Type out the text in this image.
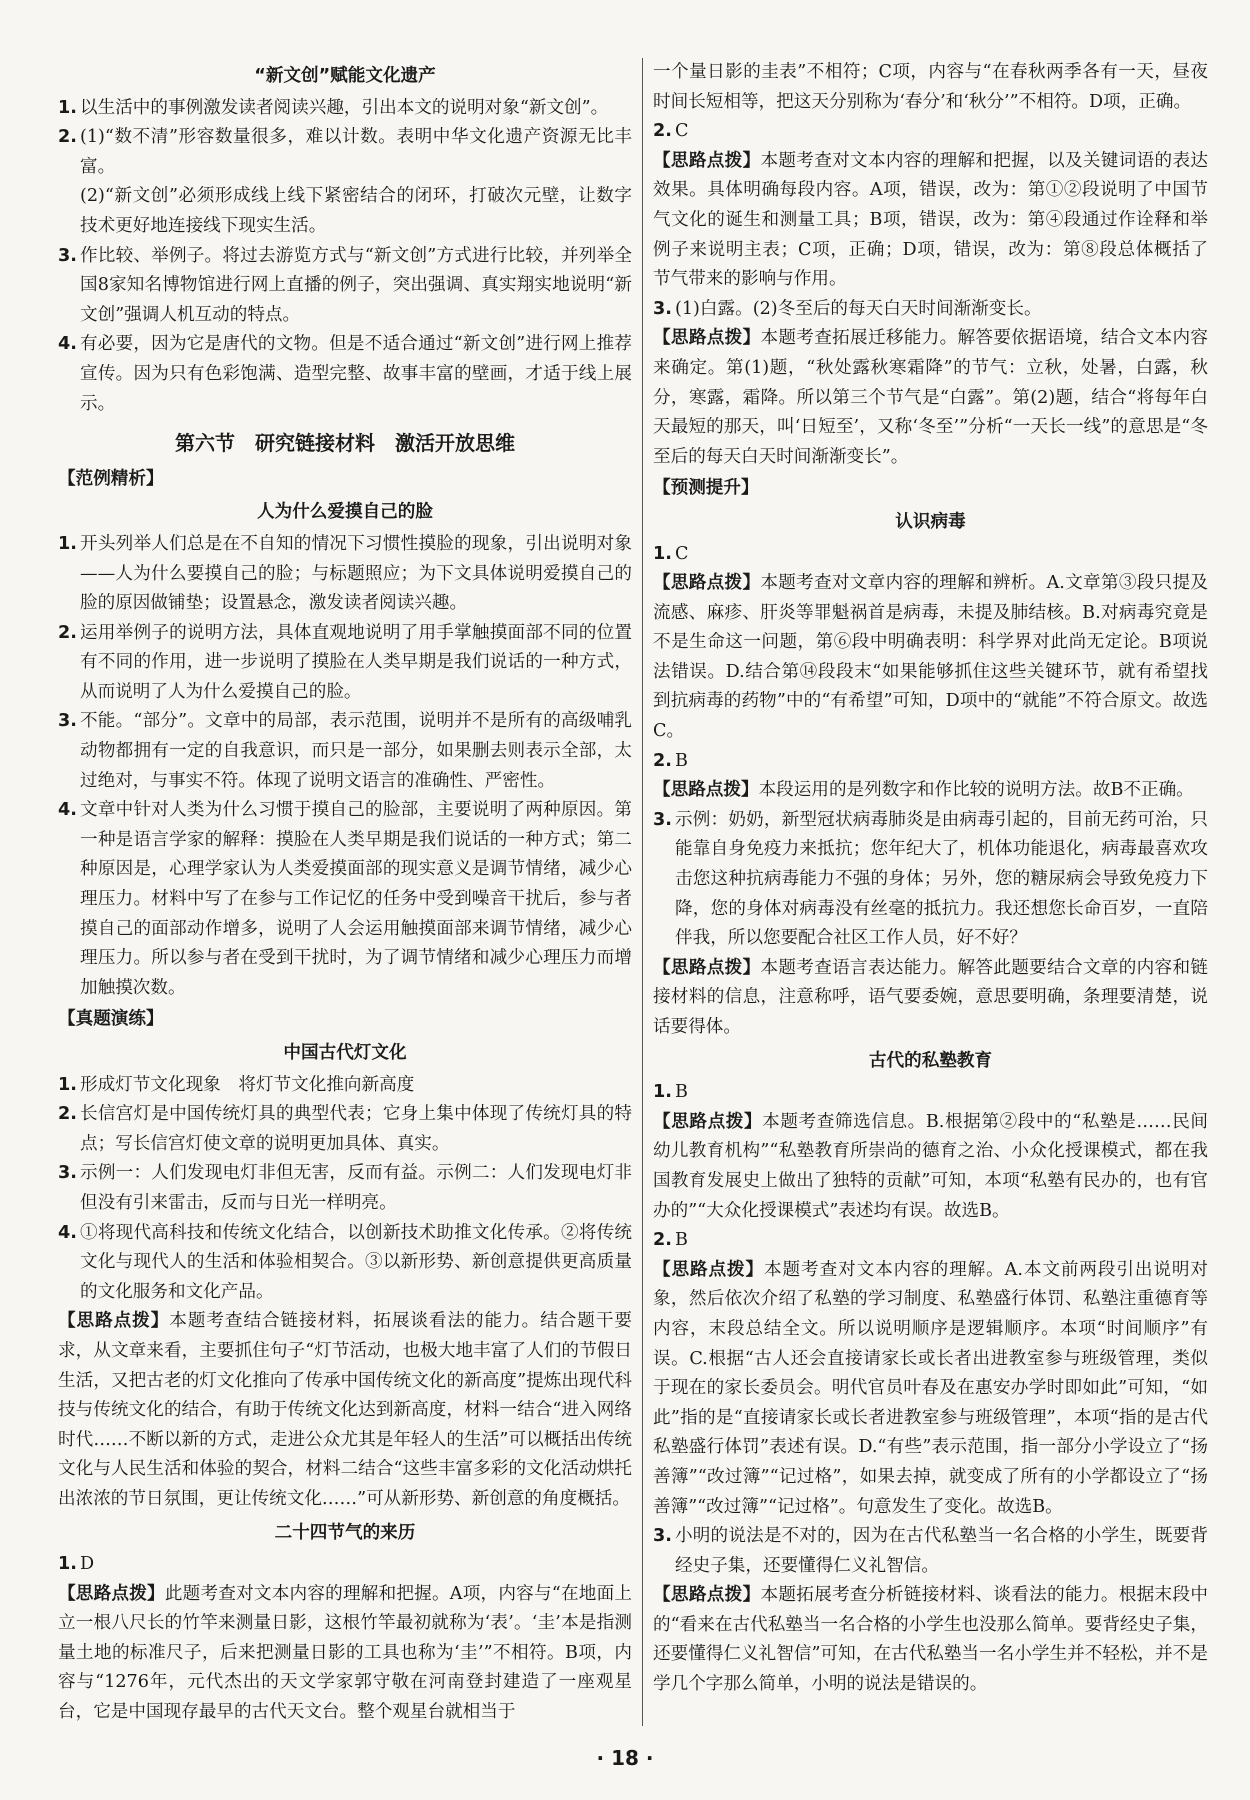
“新文创”赋能文化遗产
1. 以生活中的事例激发读者阅读兴趣，引出本文的说明对象“新文创”。
2. (1)“数不清”形容数量很多，难以计数。表明中华文化遗产资源无比丰富。
(2)“新文创”必须形成线上线下紧密结合的闭环，打破次元壁，让数字技术更好地连接线下现实生活。
3. 作比较、举例子。将过去游览方式与“新文创”方式进行比较，并列举全国8家知名博物馆进行网上直播的例子，突出强调、真实翔实地说明“新文创”强调人机互动的特点。
4. 有必要，因为它是唐代的文物。但是不适合通过“新文创”进行网上推荐宣传。因为只有色彩饱满、造型完整、故事丰富的壁画，才适于线上展示。
第六节　研究链接材料　激活开放思维
【范例精析】
人为什么爱摸自己的脸
1. 开头列举人们总是在不自知的情况下习惯性摸脸的现象，引出说明对象——人为什么要摸自己的脸；与标题照应；为下文具体说明爱摸自己的脸的原因做铺垫；设置悬念，激发读者阅读兴趣。
2. 运用举例子的说明方法，具体直观地说明了用手掌触摸面部不同的位置有不同的作用，进一步说明了摸脸在人类早期是我们说话的一种方式，从而说明了人为什么爱摸自己的脸。
3. 不能。“部分”。文章中的局部，表示范围，说明并不是所有的高级哺乳动物都拥有一定的自我意识，而只是一部分，如果删去则表示全部，太过绝对，与事实不符。体现了说明文语言的准确性、严密性。
4. 文章中针对人类为什么习惯于摸自己的脸部，主要说明了两种原因。第一种是语言学家的解释：摸脸在人类早期是我们说话的一种方式；第二种原因是，心理学家认为人类爱摸面部的现实意义是调节情绪，减少心理压力。材料中写了在参与工作记忆的任务中受到噪音干扰后，参与者摸自己的面部动作增多，说明了人会运用触摸面部来调节情绪，减少心理压力。所以参与者在受到干扰时，为了调节情绪和减少心理压力而增加触摸次数。
【真题演练】
中国古代灯文化
1. 形成灯节文化现象　将灯节文化推向新高度
2. 长信宫灯是中国传统灯具的典型代表；它身上集中体现了传统灯具的特点；写长信宫灯使文章的说明更加具体、真实。
3. 示例一：人们发现电灯非但无害，反而有益。示例二：人们发现电灯非但没有引来雷击，反而与日光一样明亮。
4. ①将现代高科技和传统文化结合，以创新技术助推文化传承。②将传统文化与现代人的生活和体验相契合。③以新形势、新创意提供更高质量的文化服务和文化产品。
【思路点拨】本题考查结合链接材料，拓展谈看法的能力。结合题干要求，从文章来看，主要抓住句子“灯节活动，也极大地丰富了人们的节假日生活，又把古老的灯文化推向了传承中国传统文化的新高度”提炼出现代科技与传统文化的结合，有助于传统文化达到新高度，材料一结合“进入网络时代……不断以新的方式，走进公众尤其是年轻人的生活”可以概括出传统文化与人民生活和体验的契合，材料二结合“这些丰富多彩的文化活动烘托出浓浓的节日氛围，更让传统文化……”可从新形势、新创意的角度概括。
二十四节气的来历
1. D
【思路点拨】此题考查对文本内容的理解和把握。A项，内容与“在地面上立一根八尺长的竹竿来测量日影，这根竹竿最初就称为‘表’。‘圭’本是指测量土地的标准尺子，后来把测量日影的工具也称为‘圭’”不相符。B项，内容与“1276年，元代杰出的天文学家郭守敬在河南登封建造了一座观星台，它是中国现存最早的古代天文台。整个观星台就相当于
一个量日影的圭表”不相符；C项，内容与“在春秋两季各有一天，昼夜时间长短相等，把这天分别称为‘春分’和‘秋分’”不相符。D项，正确。
2. C
【思路点拨】本题考查对文本内容的理解和把握，以及关键词语的表达效果。具体明确每段内容。A项，错误，改为：第①②段说明了中国节气文化的诞生和测量工具；B项，错误，改为：第④段通过作诠释和举例子来说明主表；C项，正确；D项，错误，改为：第⑧段总体概括了节气带来的影响与作用。
3. (1)白露。(2)冬至后的每天白天时间渐渐变长。
【思路点拨】本题考查拓展迁移能力。解答要依据语境，结合文本内容来确定。第(1)题，“秋处露秋寒霜降”的节气：立秋，处暑，白露，秋分，寒露，霜降。所以第三个节气是“白露”。第(2)题，结合“将每年白天最短的那天，叫‘日短至’，又称‘冬至’”分析“一天长一线”的意思是“冬至后的每天白天时间渐渐变长”。
【预测提升】
认识病毒
1. C
【思路点拨】本题考查对文章内容的理解和辨析。A.文章第③段只提及流感、麻疹、肝炎等罪魁祸首是病毒，未提及肺结核。B.对病毒究竟是不是生命这一问题，第⑥段中明确表明：科学界对此尚无定论。B项说法错误。D.结合第⑭段段末“如果能够抓住这些关键环节，就有希望找到抗病毒的药物”中的“有希望”可知，D项中的“就能”不符合原文。故选C。
2. B
【思路点拨】本段运用的是列数字和作比较的说明方法。故B不正确。
3. 示例：奶奶，新型冠状病毒肺炎是由病毒引起的，目前无药可治，只能靠自身免疫力来抵抗；您年纪大了，机体功能退化，病毒最喜欢攻击您这种抗病毒能力不强的身体；另外，您的糖尿病会导致免疫力下降，您的身体对病毒没有丝毫的抵抗力。我还想您长命百岁，一直陪伴我，所以您要配合社区工作人员，好不好？
【思路点拨】本题考查语言表达能力。解答此题要结合文章的内容和链接材料的信息，注意称呼，语气要委婉，意思要明确，条理要清楚，说话要得体。
古代的私塾教育
1. B
【思路点拨】本题考查筛选信息。B.根据第②段中的“私塾是……民间幼儿教育机构”“私塾教育所崇尚的德育之治、小众化授课模式，都在我国教育发展史上做出了独特的贡献”可知，本项“私塾有民办的，也有官办的”“大众化授课模式”表述均有误。故选B。
2. B
【思路点拨】本题考查对文本内容的理解。A.本文前两段引出说明对象，然后依次介绍了私塾的学习制度、私塾盛行体罚、私塾注重德育等内容，末段总结全文。所以说明顺序是逻辑顺序。本项“时间顺序”有误。C.根据“古人还会直接请家长或长者出进教室参与班级管理，类似于现在的家长委员会。明代官员叶春及在惠安办学时即如此”可知，“如此”指的是“直接请家长或长者进教室参与班级管理”，本项“指的是古代私塾盛行体罚”表述有误。D.“有些”表示范围，指一部分小学设立了“扬善簿”“改过簿”“记过格”，如果去掉，就变成了所有的小学都设立了“扬善簿”“改过簿”“记过格”。句意发生了变化。故选B。
3. 小明的说法是不对的，因为在古代私塾当一名合格的小学生，既要背经史子集，还要懂得仁义礼智信。
【思路点拨】本题拓展考查分析链接材料、谈看法的能力。根据末段中的“看来在古代私塾当一名合格的小学生也没那么简单。要背经史子集，还要懂得仁义礼智信”可知，在古代私塾当一名小学生并不轻松，并不是学几个字那么简单，小明的说法是错误的。
· 18 ·
